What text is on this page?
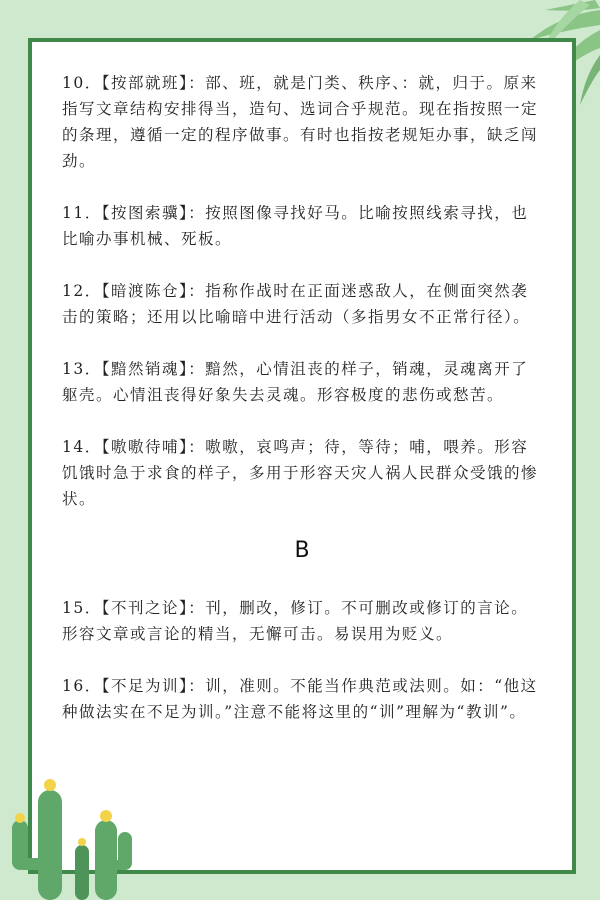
10．【按部就班】：部、班，就是门类、秩序、：就，归于。原来指写文章结构安排得当，造句、选词合乎规范。现在指按照一定的条理，遵循一定的程序做事。有时也指按老规矩办事，缺乏闯劲。

11．【按图索骥】：按照图像寻找好马。比喻按照线索寻找，也比喻办事机械、死板。

12．【暗渡陈仓】：指称作战时在正面迷惑敌人，在侧面突然袭击的策略；还用以比喻暗中进行活动（多指男女不正常行径）。

13．【黯然销魂】：黯然，心情沮丧的样子，销魂，灵魂离开了躯壳。心情沮丧得好象失去灵魂。形容极度的悲伤或愁苦。

14．【嗷嗷待哺】：嗷嗷，哀鸣声；待，等待；哺，喂养。形容饥饿时急于求食的样子，多用于形容天灾人祸人民群众受饿的惨状。

B

15．【不刊之论】：刊，删改，修订。不可删改或修订的言论。形容文章或言论的精当，无懈可击。易误用为贬义。

16．【不足为训】：训，准则。不能当作典范或法则。如：“他这种做法实在不足为训。”注意不能将这里的“训”理解为“教训”。
